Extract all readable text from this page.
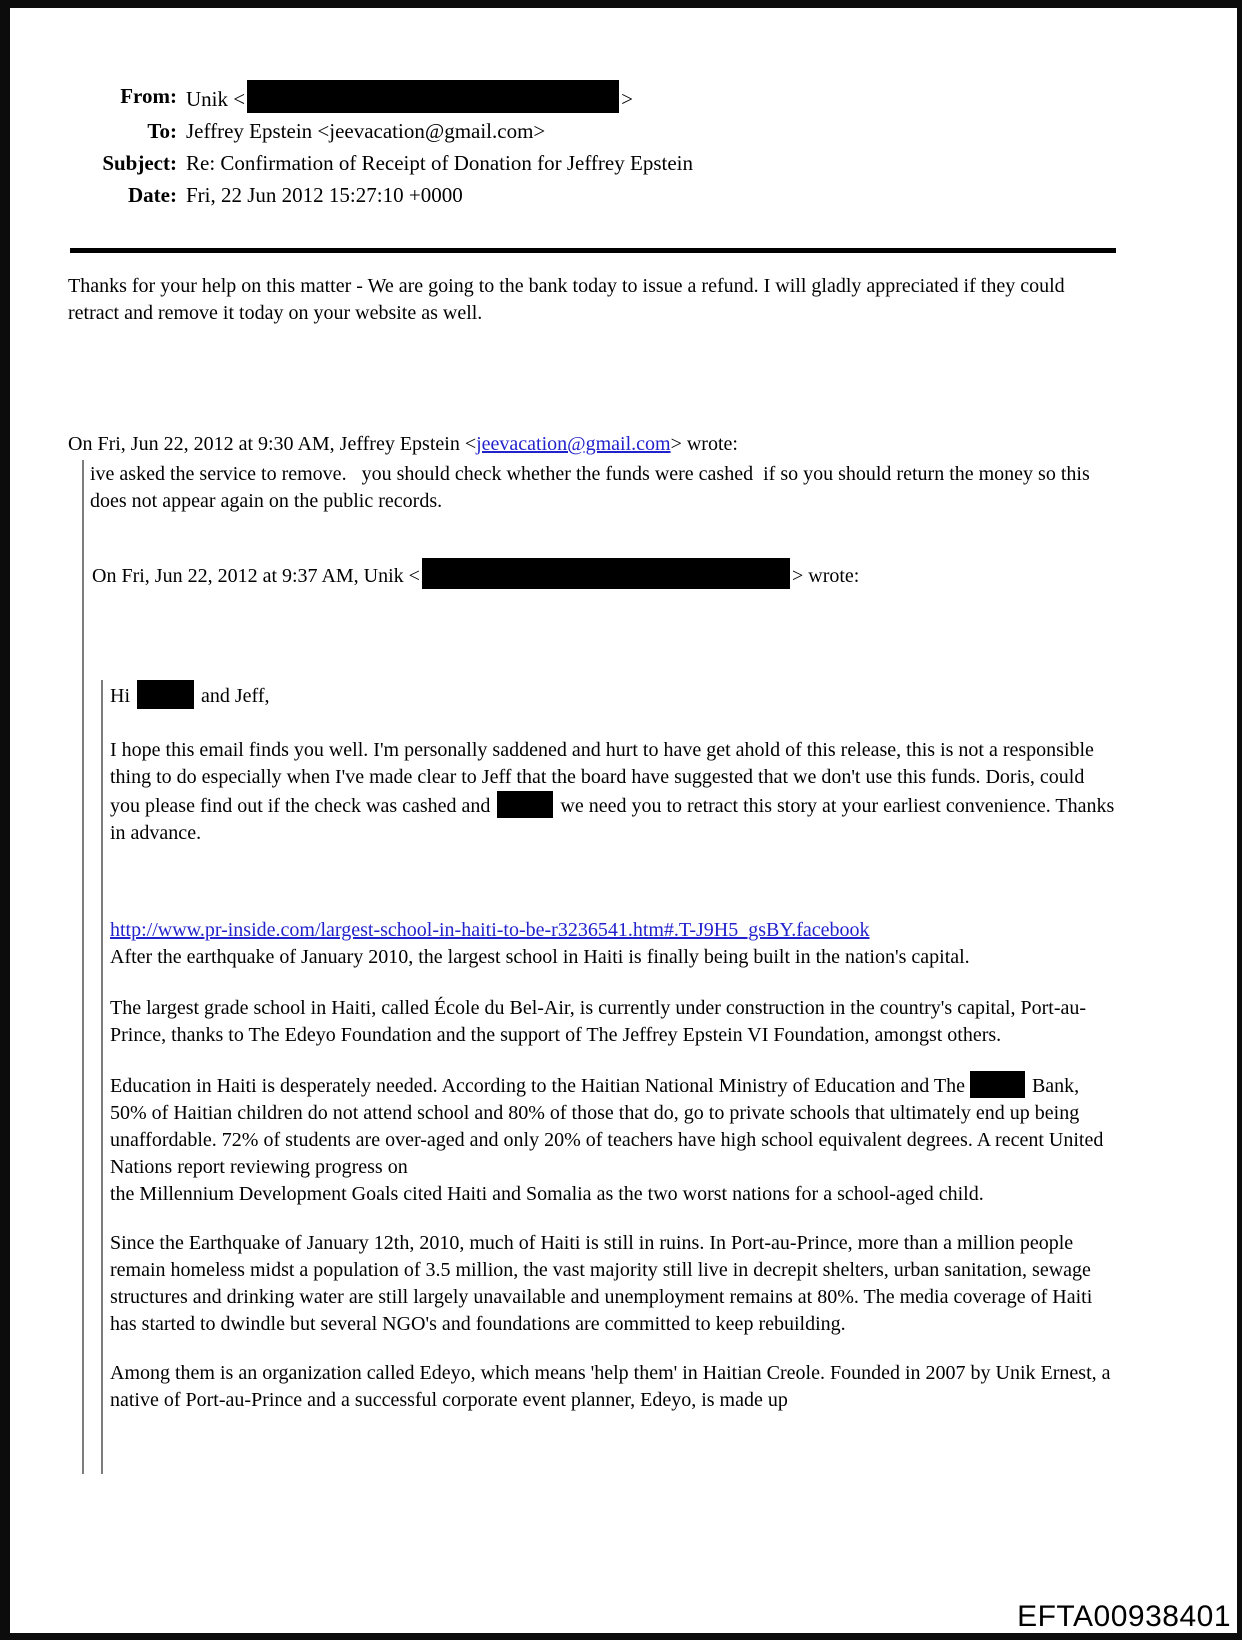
From: Unik <	>
To: Jeffrey Epstein <jeevacation@gmail.com>
Subject: Re: Confirmation of Receipt of Donation for Jeffrey Epstein
Date: Fri, 22 Jun 2012 15:27:10 +0000

Thanks for your help on this matter - We are going to the bank today to issue a refund. I will gladly appreciated if they could retract and remove it today on your website as well.

On Fri, Jun 22, 2012 at 9:30 AM, Jeffrey Epstein <jeevacation@gmail.com> wrote:

ive asked the service to remove.   you should check whether the funds were cashed  if so you should return the money so this does not appear again on the public records.

On Fri, Jun 22, 2012 at 9:37 AM, Unik <	> wrote:

Hi	and Jeff,

I hope this email finds you well. I'm personally saddened and hurt to have get ahold of this release, this is not a responsible thing to do especially when I've made clear to Jeff that the board have suggested that we don't use this funds. Doris, could you please find out if the check was cashed and	we need you to retract this story at your earliest convenience. Thanks in advance.

http://www.pr-inside.com/largest-school-in-haiti-to-be-r3236541.htm#.T-J9H5_gsBY.facebook
After the earthquake of January 2010, the largest school in Haiti is finally being built in the nation's capital.

The largest grade school in Haiti, called École du Bel-Air, is currently under construction in the country's capital, Port-au-Prince, thanks to The Edeyo Foundation and the support of The Jeffrey Epstein VI Foundation, amongst others.

Education in Haiti is desperately needed. According to the Haitian National Ministry of Education and The	Bank, 50% of Haitian children do not attend school and 80% of those that do, go to private schools that ultimately end up being unaffordable. 72% of students are over-aged and only 20% of teachers have high school equivalent degrees. A recent United Nations report reviewing progress on
the Millennium Development Goals cited Haiti and Somalia as the two worst nations for a school-aged child.

Since the Earthquake of January 12th, 2010, much of Haiti is still in ruins. In Port-au-Prince, more than a million people remain homeless midst a population of 3.5 million, the vast majority still live in decrepit shelters, urban sanitation, sewage structures and drinking water are still largely unavailable and unemployment remains at 80%. The media coverage of Haiti has started to dwindle but several NGO's and foundations are committed to keep rebuilding.

Among them is an organization called Edeyo, which means 'help them' in Haitian Creole. Founded in 2007 by Unik Ernest, a native of Port-au-Prince and a successful corporate event planner, Edeyo, is made up

EFTA00938401
